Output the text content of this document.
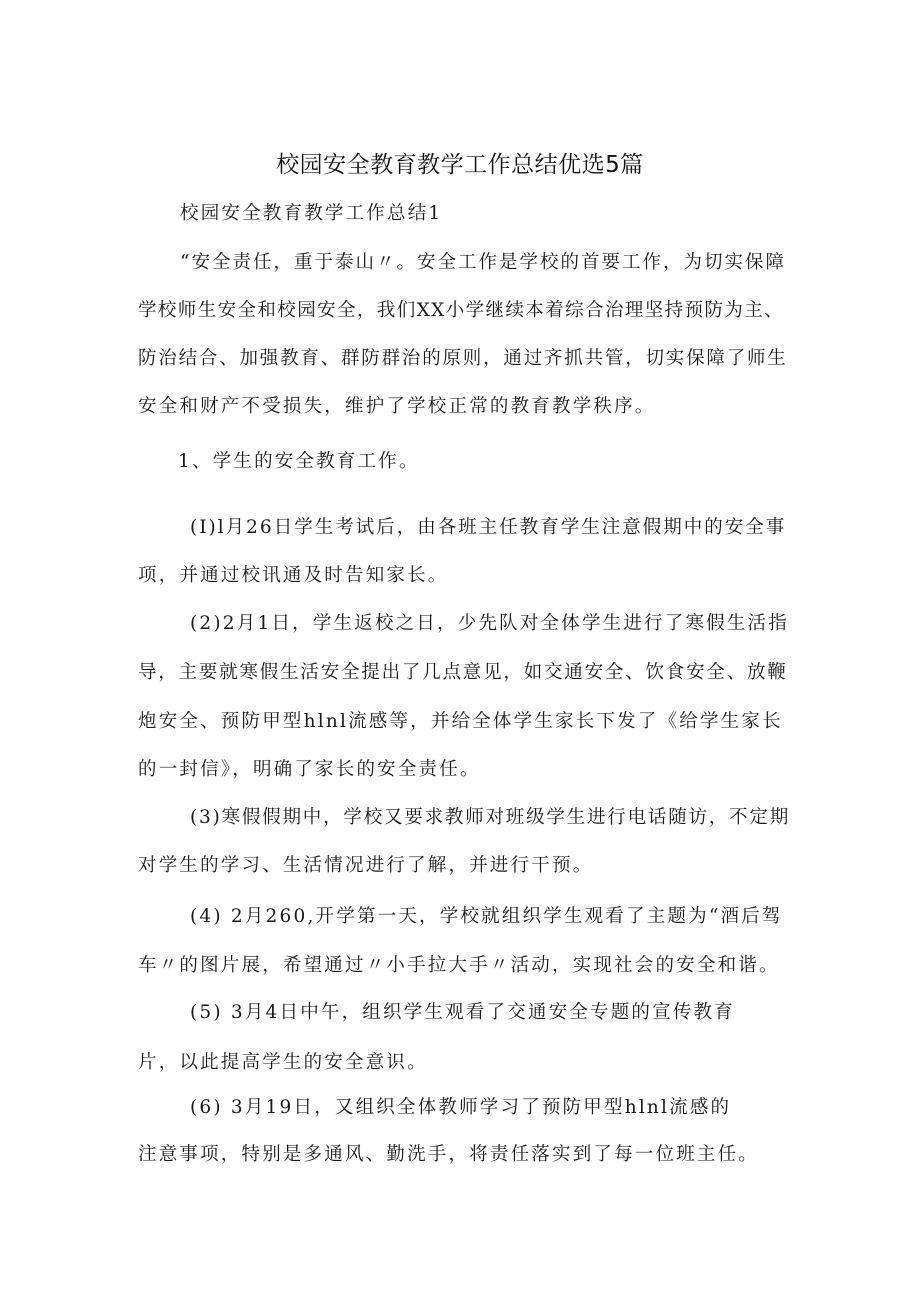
校园安全教育教学工作总结优选5篇
校园安全教育教学工作总结1
“安全责任，重于泰山〃。安全工作是学校的首要工作，为切实保障
学校师生安全和校园安全，我们XX小学继续本着综合治理坚持预防为主、
防治结合、加强教育、群防群治的原则，通过齐抓共管，切实保障了师生
安全和财产不受损失，维护了学校正常的教育教学秩序。
1、学生的安全教育工作。
(I)l月26日学生考试后，由各班主任教育学生注意假期中的安全事
项，并通过校讯通及时告知家长。
(2)2月1日，学生返校之日，少先队对全体学生进行了寒假生活指
导，主要就寒假生活安全提出了几点意见，如交通安全、饮食安全、放鞭
炮安全、预防甲型hlnl流感等，并给全体学生家长下发了《给学生家长
的一封信》，明确了家长的安全责任。
(3)寒假假期中，学校又要求教师对班级学生进行电话随访，不定期
对学生的学习、生活情况进行了解，并进行干预。
(4) 2月260,开学第一天，学校就组织学生观看了主题为“酒后驾
车〃的图片展，希望通过〃小手拉大手〃活动，实现社会的安全和谐。
(5) 3月4日中午，组织学生观看了交通安全专题的宣传教育
片，以此提高学生的安全意识。
(6) 3月19日，又组织全体教师学习了预防甲型hlnl流感的
注意事项，特别是多通风、勤洗手，将责任落实到了每一位班主任。
